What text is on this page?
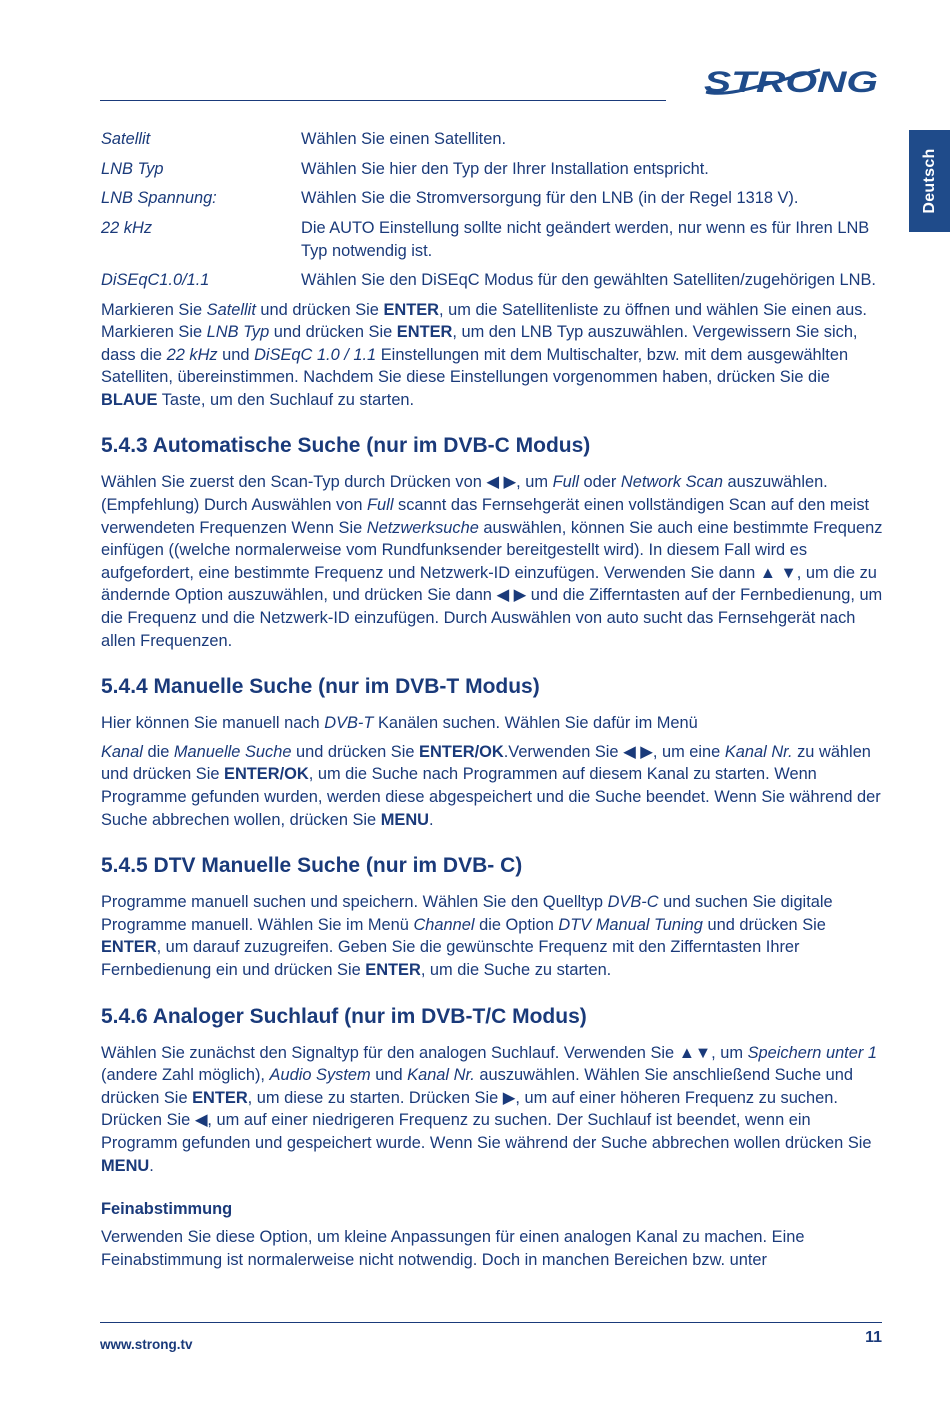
STRONG
Deutsch
Satellit	Wählen Sie einen Satelliten.
LNB Typ	Wählen Sie hier den Typ der Ihrer Installation entspricht.
LNB Spannung:	Wählen Sie die Stromversorgung für den LNB (in der Regel 1318 V).
22 kHz	Die AUTO Einstellung sollte nicht geändert werden, nur wenn es für Ihren LNB Typ notwendig ist.
DiSEqC1.0/1.1	Wählen Sie den DiSEqC Modus für den gewählten Satelliten/zugehörigen LNB.

Markieren Sie Satellit und drücken Sie ENTER, um die Satellitenliste zu öffnen und wählen Sie einen aus. Markieren Sie LNB Typ und drücken Sie ENTER, um den LNB Typ auszuwählen. Vergewissern Sie sich, dass die 22 kHz und DiSEqC 1.0 / 1.1 Einstellungen mit dem Multischalter, bzw. mit dem ausgewählten Satelliten, übereinstimmen. Nachdem Sie diese Einstellungen vorgenommen haben, drücken Sie die BLAUE Taste, um den Suchlauf zu starten.

5.4.3 Automatische Suche (nur im DVB-C Modus)

Wählen Sie zuerst den Scan-Typ durch Drücken von ◀ ▶, um Full oder Network Scan auszuwählen. (Empfehlung) Durch Auswählen von Full scannt das Fernsehgerät einen vollständigen Scan auf den meist verwendeten Frequenzen Wenn Sie Netzwerksuche auswählen, können Sie auch eine bestimmte Frequenz einfügen ((welche normalerweise vom Rundfunksender bereitgestellt wird). In diesem Fall wird es aufgefordert, eine bestimmte Frequenz und Netzwerk-ID einzufügen. Verwenden Sie dann ▲ ▼, um die zu ändernde Option auszuwählen, und drücken Sie dann ◀ ▶ und die Zifferntasten auf der Fernbedienung, um die Frequenz und die Netzwerk-ID einzufügen. Durch Auswählen von auto sucht das Fernsehgerät nach allen Frequenzen.

5.4.4 Manuelle Suche (nur im DVB-T Modus)

Hier können Sie manuell nach DVB-T Kanälen suchen. Wählen Sie dafür im Menü

Kanal die Manuelle Suche und drücken Sie ENTER/OK.Verwenden Sie ◀ ▶, um eine Kanal Nr. zu wählen und drücken Sie ENTER/OK, um die Suche nach Programmen auf diesem Kanal zu starten. Wenn Programme gefunden wurden, werden diese abgespeichert und die Suche beendet. Wenn Sie während der Suche abbrechen wollen, drücken Sie MENU.

5.4.5 DTV Manuelle Suche (nur im DVB- C)

Programme manuell suchen und speichern. Wählen Sie den Quelltyp DVB-C und suchen Sie digitale Programme manuell. Wählen Sie im Menü Channel die Option DTV Manual Tuning und drücken Sie ENTER, um darauf zuzugreifen. Geben Sie die gewünschte Frequenz mit den Zifferntasten Ihrer Fernbedienung ein und drücken Sie ENTER, um die Suche zu starten.

5.4.6 Analoger Suchlauf (nur im DVB-T/C Modus)

Wählen Sie zunächst den Signaltyp für den analogen Suchlauf. Verwenden Sie ▲▼, um Speichern unter 1 (andere Zahl möglich), Audio System und Kanal Nr. auszuwählen. Wählen Sie anschließend Suche und drücken Sie ENTER, um diese zu starten. Drücken Sie ▶, um auf einer höheren Frequenz zu suchen. Drücken Sie ◀, um auf einer niedrigeren Frequenz zu suchen. Der Suchlauf ist beendet, wenn ein Programm gefunden und gespeichert wurde. Wenn Sie während der Suche abbrechen wollen drücken Sie MENU.

Feinabstimmung

Verwenden Sie diese Option, um kleine Anpassungen für einen analogen Kanal zu machen. Eine Feinabstimmung ist normalerweise nicht notwendig. Doch in manchen Bereichen bzw. unter

www.strong.tv	11
